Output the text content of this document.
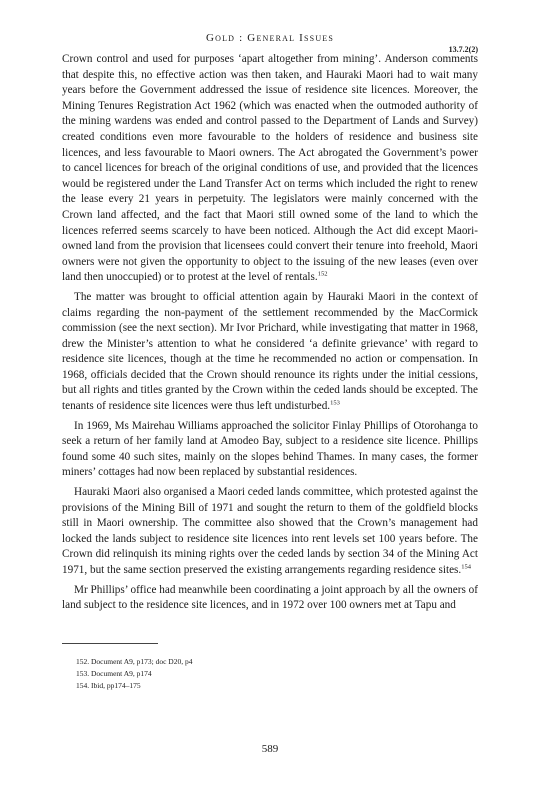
Gold : General Issues
13.7.2(2)

Crown control and used for purposes ‘apart altogether from mining’. Anderson comments that despite this, no effective action was then taken, and Hauraki Maori had to wait many years before the Government addressed the issue of residence site licences. Moreover, the Mining Tenures Registration Act 1962 (which was enacted when the outmoded authority of the mining wardens was ended and control passed to the Department of Lands and Survey) created conditions even more favourable to the holders of residence and business site licences, and less favourable to Maori owners. The Act abrogated the Government’s power to cancel licences for breach of the original conditions of use, and provided that the licences would be registered under the Land Transfer Act on terms which included the right to renew the lease every 21 years in perpetuity. The legislators were mainly concerned with the Crown land affected, and the fact that Maori still owned some of the land to which the licences referred seems scarcely to have been noticed. Although the Act did except Maori-owned land from the provision that licensees could convert their tenure into freehold, Maori owners were not given the opportunity to object to the issuing of the new leases (even over land then unoccupied) or to protest at the level of rentals.$^{152}$

The matter was brought to official attention again by Hauraki Maori in the context of claims regarding the non-payment of the settlement recommended by the MacCormick commission (see the next section). Mr Ivor Prichard, while investigating that matter in 1968, drew the Minister’s attention to what he considered ‘a definite grievance’ with regard to residence site licences, though at the time he recommended no action or compensation. In 1968, officials decided that the Crown should renounce its rights under the initial cessions, but all rights and titles granted by the Crown within the ceded lands should be excepted. The tenants of residence site licences were thus left undisturbed.$^{153}$

In 1969, Ms Mairehau Williams approached the solicitor Finlay Phillips of Otorohanga to seek a return of her family land at Amodeo Bay, subject to a residence site licence. Phillips found some 40 such sites, mainly on the slopes behind Thames. In many cases, the former miners’ cottages had now been replaced by substantial residences.

Hauraki Maori also organised a Maori ceded lands committee, which protested against the provisions of the Mining Bill of 1971 and sought the return to them of the goldfield blocks still in Maori ownership. The committee also showed that the Crown’s management had locked the lands subject to residence site licences into rent levels set 100 years before. The Crown did relinquish its mining rights over the ceded lands by section 34 of the Mining Act 1971, but the same section preserved the existing arrangements regarding residence sites.$^{154}$

Mr Phillips’ office had meanwhile been coordinating a joint approach by all the owners of land subject to the residence site licences, and in 1972 over 100 owners met at Tapu and

152. Document A9, p173; doc D20, p4
153. Document A9, p174
154. Ibid, pp174–175
589
